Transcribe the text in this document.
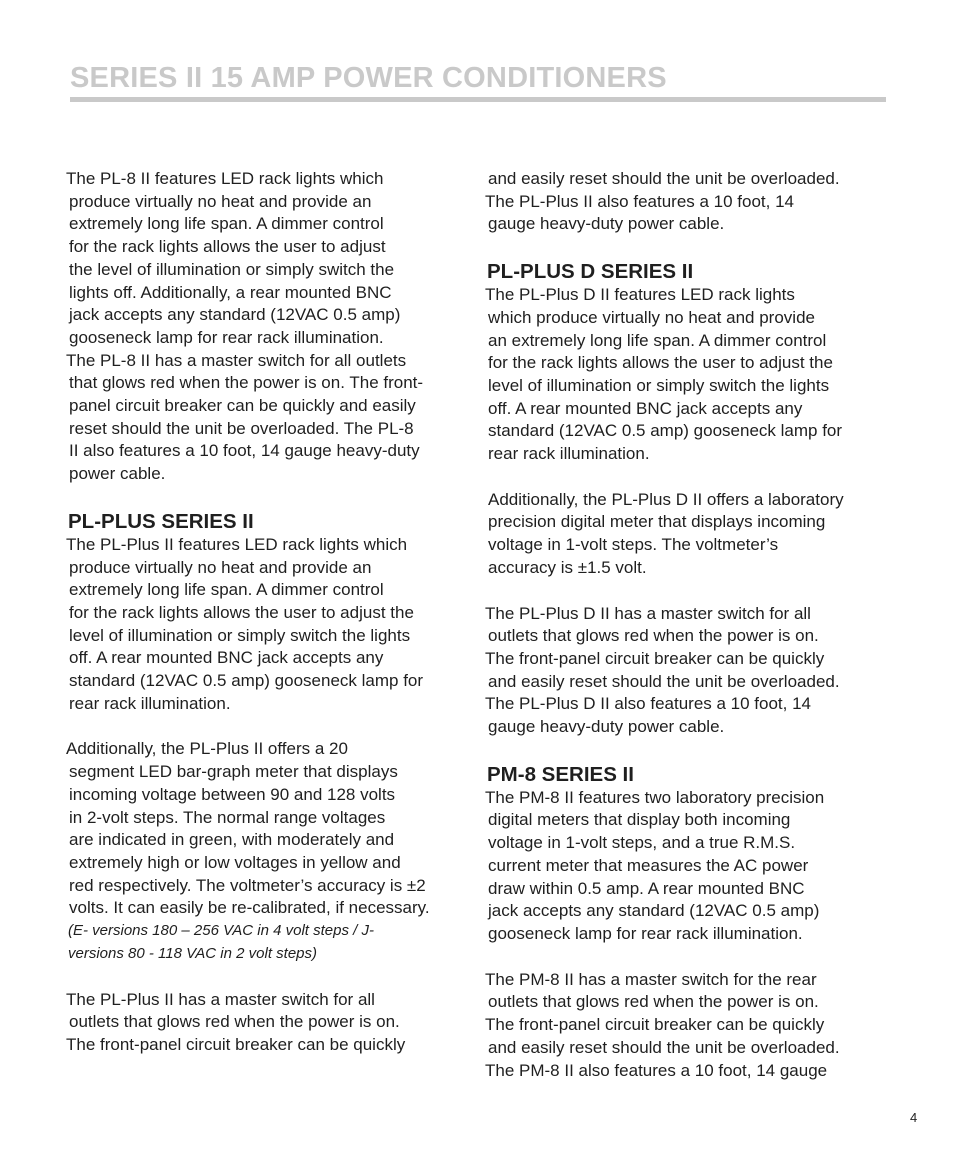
SERIES II 15 AMP POWER CONDITIONERS

The PL-8 II features LED rack lights which

produce virtually no heat and provide an

extremely long life span. A dimmer control

for the rack lights allows the user to adjust

the level of illumination or simply switch the

lights off. Additionally, a rear mounted BNC

jack accepts any standard (12VAC 0.5 amp)

gooseneck lamp for rear rack illumination.

The PL-8 II has a master switch for all outlets

that glows red when the power is on. The front-

panel circuit breaker can be quickly and easily

reset should the unit be overloaded. The PL-8

II also features a 10 foot, 14 gauge heavy-duty

power cable.

PL-PLUS SERIES II

The PL-Plus II features LED rack lights which

produce virtually no heat and provide an

extremely long life span. A dimmer control

for the rack lights allows the user to adjust the

level of illumination or simply switch the lights

off. A rear mounted BNC jack accepts any

standard (12VAC 0.5 amp) gooseneck lamp for

rear rack illumination.

Additionally, the PL-Plus II offers a 20

segment LED bar-graph meter that displays

incoming voltage between 90 and 128 volts

in 2-volt steps. The normal range voltages

are indicated in green, with moderately and

extremely high or low voltages in yellow and

red respectively. The voltmeter’s accuracy is ±2

volts. It can easily be re-calibrated, if necessary.

(E- versions 180 – 256 VAC in 4 volt steps / J-

versions 80 - 118 VAC in 2 volt steps)

The PL-Plus II has a master switch for all

outlets that glows red when the power is on.

The front-panel circuit breaker can be quickly

and easily reset should the unit be overloaded.

The PL-Plus II also features a 10 foot, 14

gauge heavy-duty power cable.

PL-PLUS D SERIES II

The PL-Plus D II features LED rack lights

which produce virtually no heat and provide

an extremely long life span. A dimmer control

for the rack lights allows the user to adjust the

level of illumination or simply switch the lights

off. A rear mounted BNC jack accepts any

standard (12VAC 0.5 amp) gooseneck lamp for

rear rack illumination.

Additionally, the PL-Plus D II offers a laboratory

precision digital meter that displays incoming

voltage in 1-volt steps. The voltmeter’s

accuracy is ±1.5 volt.

The PL-Plus D II has a master switch for all

outlets that glows red when the power is on.

The front-panel circuit breaker can be quickly

and easily reset should the unit be overloaded.

The PL-Plus D II also features a 10 foot, 14

gauge heavy-duty power cable.

PM-8 SERIES II

The PM-8 II features two laboratory precision

digital meters that display both incoming

voltage in 1-volt steps, and a true R.M.S.

current meter that measures the AC power

draw within 0.5 amp. A rear mounted BNC

jack accepts any standard (12VAC 0.5 amp)

gooseneck lamp for rear rack illumination.

The PM-8 II has a master switch for the rear

outlets that glows red when the power is on.

The front-panel circuit breaker can be quickly

and easily reset should the unit be overloaded.

The PM-8 II also features a 10 foot, 14 gauge

4
